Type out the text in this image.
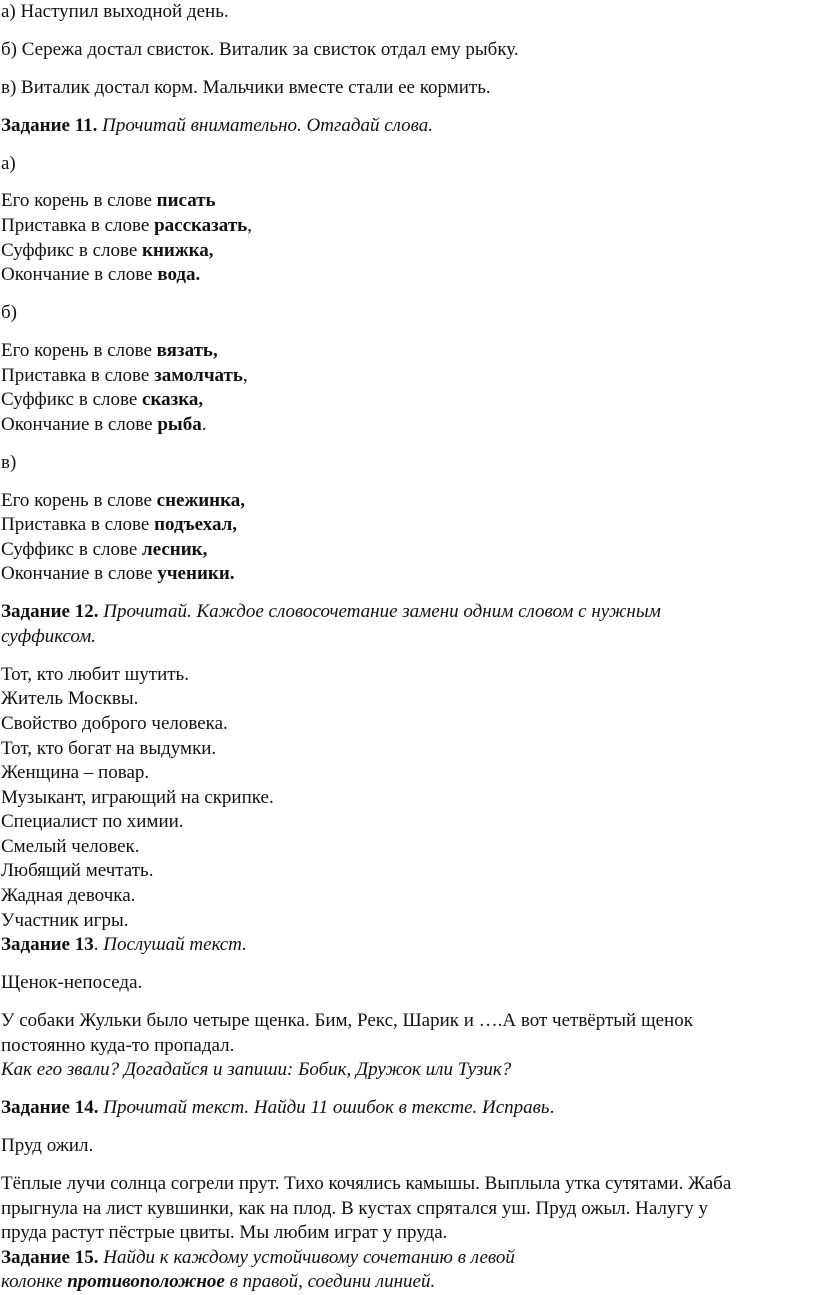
а) Наступил выходной день.

б) Сережа достал свисток. Виталик за свисток отдал ему рыбку.

в) Виталик достал корм. Мальчики вместе стали ее кормить.

Задание 11. Прочитай внимательно. Отгадай слова.

а)

Его корень в слове писать

Приставка в слове рассказать,

Суффикс в слове книжка,

Окончание в слове вода.

б)

Его корень в слове вязать,

Приставка в слове замолчать,

Суффикс в слове сказка,

Окончание в слове рыба.

в)

Его корень в слове снежинка,

Приставка в слове подъехал,

Суффикс в слове лесник,

Окончание в слове ученики.

Задание 12. Прочитай. Каждое словосочетание замени одним словом с нужным

суффиксом.

Тот, кто любит шутить.

Житель Москвы.

Свойство доброго человека.

Тот, кто богат на выдумки.

Женщина – повар.

Музыкант, играющий на скрипке.

Специалист по химии.

Смелый человек.

Любящий мечтать.

Жадная девочка.

Участник игры.

Задание 13. Послушай текст.

Щенок-непоседа.

У собаки Жульки было четыре щенка. Бим, Рекс, Шарик и ….А вот четвёртый щенок

постоянно куда-то пропадал.

Как его звали? Догадайся и запиши: Бобик, Дружок или Тузик?

Задание 14. Прочитай текст. Найди 11 ошибок в тексте. Исправь.

Пруд ожил.

Тёплые лучи солнца согрели прут. Тихо кочялись камышы. Выплыла утка сутятами. Жаба

прыгнула на лист кувшинки, как на плод. В кустах спрятался уш. Пруд ожыл. Налугу у

пруда растут пёстрые цвиты. Мы любим играт у пруда.

Задание 15. Найди к каждому устойчивому сочетанию в левой

колонке противоположное в правой, соедини линией.
